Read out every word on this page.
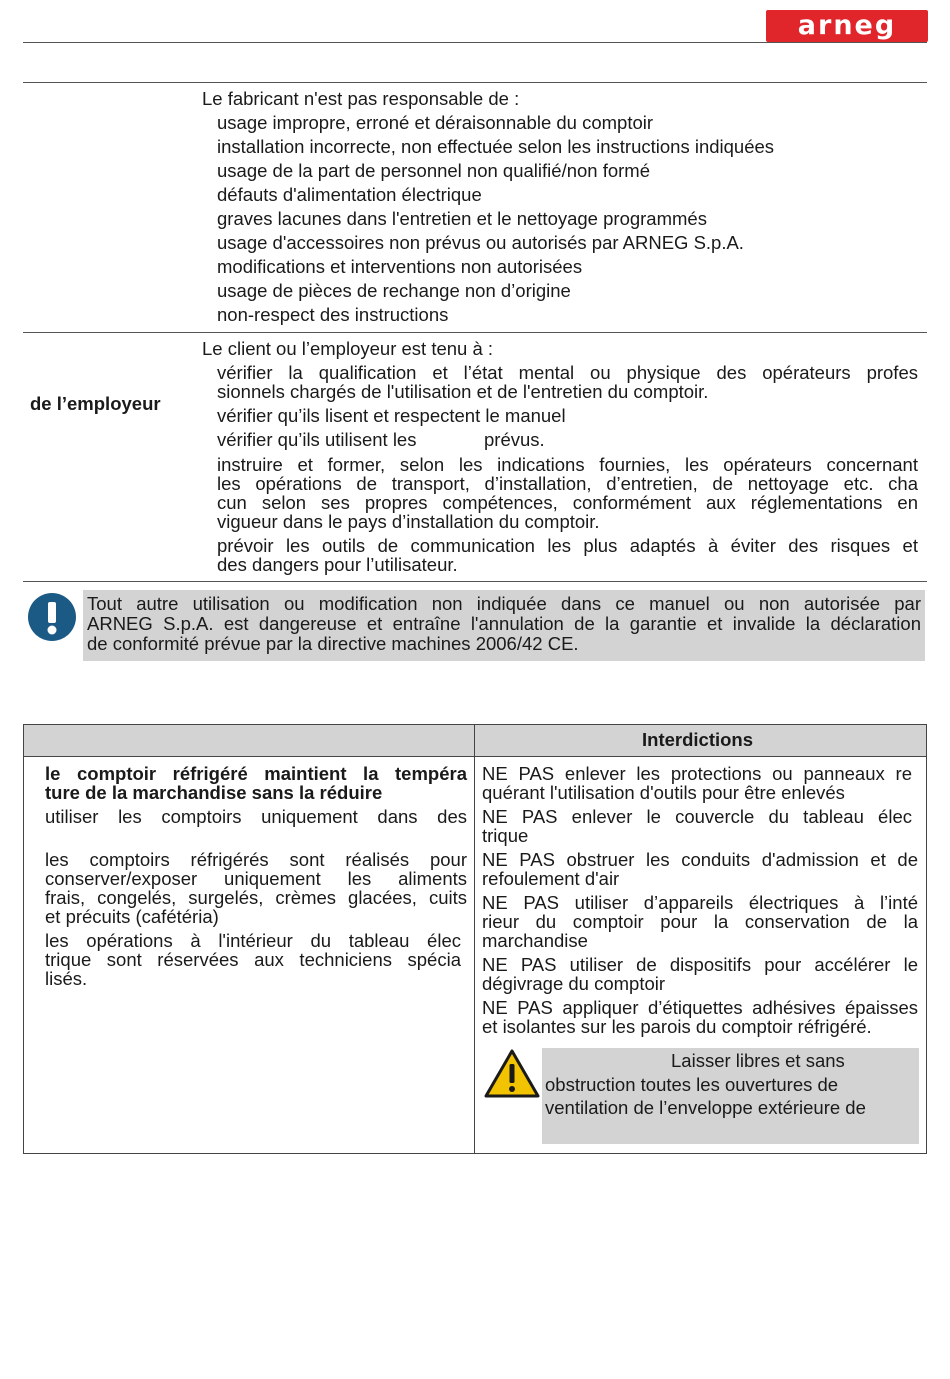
arneg
Le fabricant n'est pas responsable de :
usage impropre, erroné et déraisonnable du comptoir
installation incorrecte, non effectuée selon les instructions indiquées
usage de la part de personnel non qualifié/non formé
défauts d'alimentation électrique
graves lacunes dans l'entretien et le nettoyage programmés
usage d'accessoires non prévus ou autorisés par ARNEG S.p.A.
modifications et interventions non autorisées
usage de pièces de rechange non d’origine
non-respect des instructions
de l’employeur
Le client ou l’employeur est tenu à :
vérifier la qualification et l’état mental ou physique des opérateurs profes
sionnels chargés de l'utilisation et de l'entretien du comptoir.
vérifier qu’ils lisent et respectent le manuel
vérifier qu’ils utilisent les	prévus.
instruire et former, selon les indications fournies, les opérateurs concernant
les opérations de transport, d’installation, d’entretien, de nettoyage etc. cha
cun selon ses propres compétences, conformément aux réglementations en
vigueur dans le pays d’installation du comptoir.
prévoir les outils de communication les plus adaptés à éviter des risques et
des dangers pour l’utilisateur.
Tout autre utilisation ou modification non indiquée dans ce manuel ou non autorisée par
ARNEG S.p.A. est dangereuse et entraîne l'annulation de la garantie et invalide la déclaration
de conformité prévue par la directive machines 2006/42 CE.
Interdictions
le comptoir réfrigéré maintient la tempéra
ture de la marchandise sans la réduire
utiliser les comptoirs uniquement dans des
les comptoirs réfrigérés sont réalisés pour
conserver/exposer uniquement les aliments
frais, congelés, surgelés, crèmes glacées, cuits
et précuits (cafétéria)
les opérations à l'intérieur du tableau élec
trique sont réservées aux techniciens spécia
lisés.
NE PAS enlever les protections ou panneaux re
quérant l'utilisation d'outils pour être enlevés
NE PAS enlever le couvercle du tableau élec
trique
NE PAS obstruer les conduits d'admission et de
refoulement d'air
NE PAS utiliser d’appareils électriques à l’inté
rieur du comptoir pour la conservation de la
marchandise
NE PAS utiliser de dispositifs pour accélérer le
dégivrage du comptoir
NE PAS appliquer d’étiquettes adhésives épaisses
et isolantes sur les parois du comptoir réfrigéré.
Laisser libres et sans
obstruction toutes les ouvertures de
ventilation de l’enveloppe extérieure de
